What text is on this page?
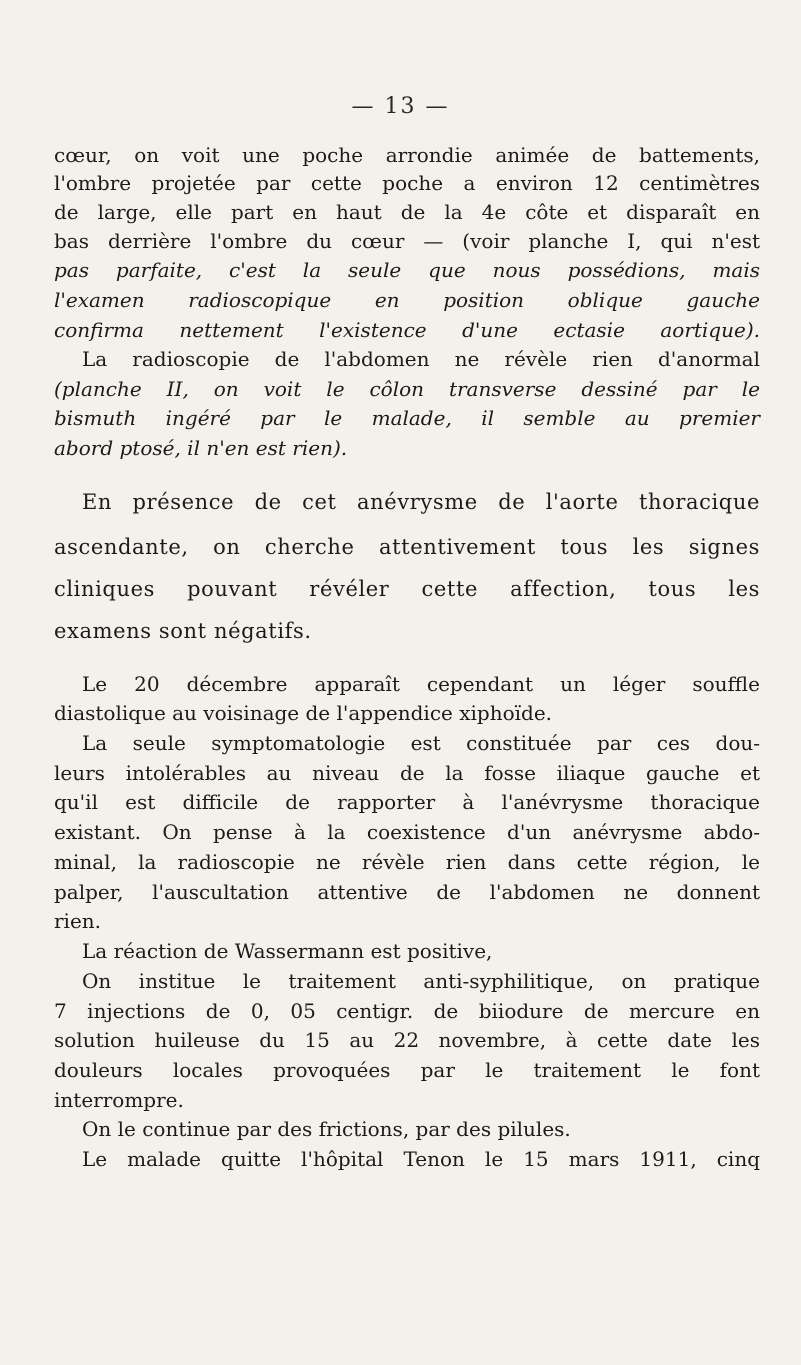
— 13 —

cœur, on voit une poche arrondie animée de battements,

l'ombre projetée par cette poche a environ 12 centimètres

de large, elle part en haut de la 4e côte et disparaît en

bas derrière l'ombre du cœur — (voir planche I, qui n'est

pas parfaite, c'est la seule que nous possédions, mais

l'examen radioscopique en position oblique gauche

confirma nettement l'existence d'une ectasie aortique).

La radioscopie de l'abdomen ne révèle rien d'anormal

(planche II, on voit le côlon transverse dessiné par le

bismuth ingéré par le malade, il semble au premier

abord ptosé, il n'en est rien).

En présence de cet anévrysme de l'aorte thoracique

ascendante, on cherche attentivement tous les signes

cliniques pouvant révéler cette affection, tous les

examens sont négatifs.

Le 20 décembre apparaît cependant un léger souffle

diastolique au voisinage de l'appendice xiphoïde.

La seule symptomatologie est constituée par ces dou-

leurs intolérables au niveau de la fosse iliaque gauche et

qu'il est difficile de rapporter à l'anévrysme thoracique

existant. On pense à la coexistence d'un anévrysme abdo-

minal, la radioscopie ne révèle rien dans cette région, le

palper, l'auscultation attentive de l'abdomen ne donnent

rien.

La réaction de Wassermann est positive,

On institue le traitement anti-syphilitique, on pratique

7 injections de 0, 05 centigr. de biiodure de mercure en

solution huileuse du 15 au 22 novembre, à cette date les

douleurs locales provoquées par le traitement le font

interrompre.

On le continue par des frictions, par des pilules.

Le malade quitte l'hôpital Tenon le 15 mars 1911, cinq
